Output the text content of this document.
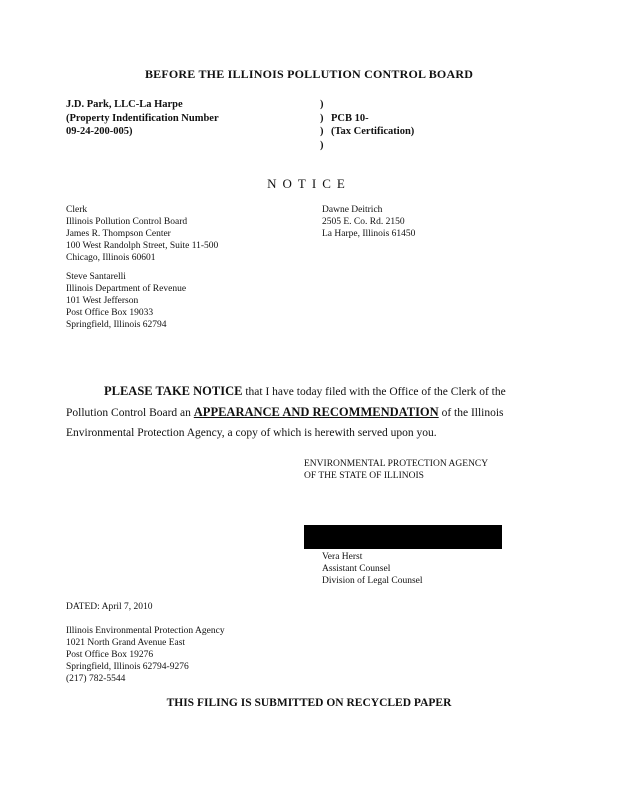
BEFORE THE ILLINOIS POLLUTION CONTROL BOARD
J.D. Park, LLC-La Harpe
(Property Indentification Number
09-24-200-005)
)
)
)
)
PCB 10-
(Tax Certification)
NOTICE
Clerk
Illinois Pollution Control Board
James R. Thompson Center
100 West Randolph Street, Suite 11-500
Chicago, Illinois 60601
Dawne Deitrich
2505 E. Co. Rd. 2150
La Harpe, Illinois 61450
Steve Santarelli
Illinois Department of Revenue
101 West Jefferson
Post Office Box 19033
Springfield, Illinois 62794
PLEASE TAKE NOTICE that I have today filed with the Office of the Clerk of the
Pollution Control Board an APPEARANCE AND RECOMMENDATION of the Illinois
Environmental Protection Agency, a copy of which is herewith served upon you.
ENVIRONMENTAL PROTECTION AGENCY
OF THE STATE OF ILLINOIS
Vera Herst
Assistant Counsel
Division of Legal Counsel
DATED: April 7, 2010
Illinois Environmental Protection Agency
1021 North Grand Avenue East
Post Office Box 19276
Springfield, Illinois 62794-9276
(217) 782-5544
THIS FILING IS SUBMITTED ON RECYCLED PAPER
